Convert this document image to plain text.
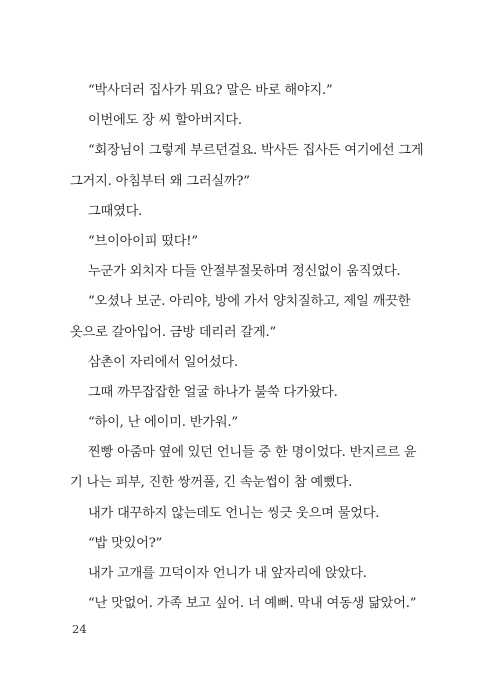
“박사더러 집사가 뭐요? 말은 바로 해야지.”
이번에도 장 씨 할아버지다.
“회장님이 그렇게 부르던걸요. 박사든 집사든 여기에선 그게
그거지. 아침부터 왜 그러실까?”
그때였다.
“브이아이피 떴다!”
누군가 외치자 다들 안절부절못하며 정신없이 움직였다.
“오셨나 보군. 아리야, 방에 가서 양치질하고, 제일 깨끗한
옷으로 갈아입어. 금방 데리러 갈게.”
삼촌이 자리에서 일어섰다.
그때 까무잡잡한 얼굴 하나가 불쑥 다가왔다.
“하이, 난 에이미. 반가워.”
찐빵 아줌마 옆에 있던 언니들 중 한 명이었다. 반지르르 윤
기 나는 피부, 진한 쌍꺼풀, 긴 속눈썹이 참 예뻤다.
내가 대꾸하지 않는데도 언니는 씽긋 웃으며 물었다.
“밥 맛있어?”
내가 고개를 끄덕이자 언니가 내 앞자리에 앉았다.
“난 맛없어. 가족 보고 싶어. 너 예뻐. 막내 여동생 닮았어.”
24
